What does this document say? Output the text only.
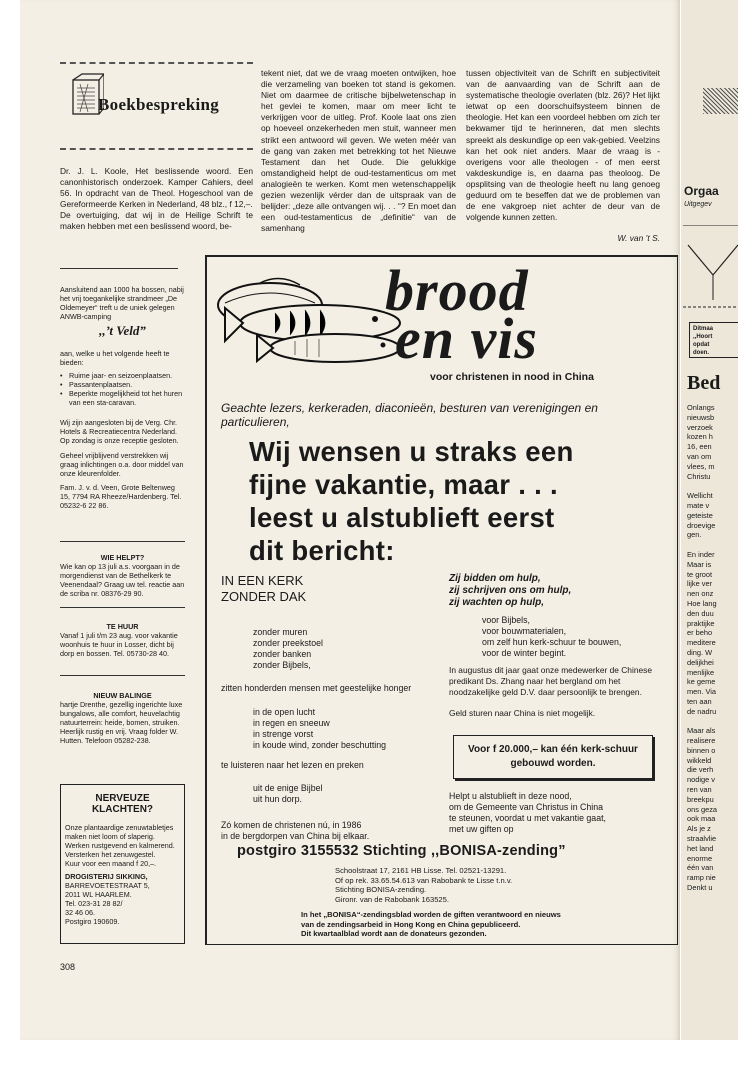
Boekbespreking

Dr. J. L. Koole, Het beslissende woord. Een canonhistorisch onderzoek. Kamper Cahiers, deel 56. In opdracht van de Theol. Hogeschool van de Gereformeerde Kerken in Nederland, 48 blz., f 12,–.

De overtuiging, dat wij in de Heilige Schrift te maken hebben met een beslissend woord, be-

tekent niet, dat we de vraag moeten ontwijken, hoe die verzameling van boeken tot stand is gekomen. Niet om daarmee de critische bijbelwetenschap in het gevlei te komen, maar om meer licht te verkrijgen voor de uitleg. Prof. Koole laat ons zien op hoeveel onzekerheden men stuit, wanneer men strikt een antwoord wil geven. We weten méér van de gang van zaken met betrekking tot het Nieuwe Testament dan het Oude. Die gelukkige omstandigheid helpt de oud-testamenticus om met analogieën te werken. Komt men wetenschappelijk gezien wezenlijk vérder dan de uitspraak van de belijder: „deze alle ontvangen wij. . . “? En moet dan een oud-testamenticus de „definitie“ van de samenhang
tussen objectiviteit van de Schrift en subjectiviteit van de aanvaarding van de Schrift aan de systematische theologie overlaten (blz. 26)? Het lijkt ietwat op een doorschuifsysteem binnen de theologie. Het kan een voordeel hebben om zich ter bekwamer tijd te herinneren, dat men slechts spreekt als deskundige op een vak-gebied. Veelzins kan het ook niet anders. Maar de vraag is - overigens voor alle theologen - of men eerst vakdeskundige is, en daarna pas theoloog. De opsplitsing van de theologie heeft nu lang genoeg geduurd om te beseffen dat we de problemen van de ene vakgroep niet achter de deur van de volgende kunnen zetten.
W. van ’t S.
Aansluitend aan 1000 ha bossen, nabij het vrij toegankelijke strandmeer „De Oldemeyer“ treft u de uniek gelegen ANWB-camping
,,’t Veld”
aan, welke u het volgende heeft te bieden:
• Ruime jaar- en seizoenplaatsen.
• Passantenplaatsen.
• Beperkte mogelijkheid tot het huren van een sta-caravan.
Wij zijn aangesloten bij de Verg. Chr. Hotels & Recreatiecentra Nederland. Op zondag is onze receptie gesloten.
Geheel vrijblijvend verstrekken wij graag inlichtingen o.a. door middel van onze kleurenfolder.
Fam. J. v. d. Veen, Grote Beltenweg 15, 7794 RA Rheeze/Hardenberg. Tel. 05232-6 22 86.
WIE HELPT?
Wie kan op 13 juli a.s. voorgaan in de morgendienst van de Bethelkerk te Veenendaal? Graag uw tel. reactie aan de scriba nr. 08376-29 90.
TE HUUR
Vanaf 1 juli t/m 23 aug. voor vakantie woonhuis te huur in Losser, dicht bij dorp en bossen. Tel. 05730-28 40.
NIEUW BALINGE
hartje Drenthe, gezellig ingerichte luxe bungalows, alle comfort, heuvelachtig natuurterrein: heide, bomen, struiken. Heerlijk rustig en vrij. Vraag folder W. Hutten. Telefoon 05282-238.
NERVEUZE KLACHTEN?
Onze plantaardige zenuwtabletjes maken niet loom of slaperig.
Werken rustgevend en kalmerend.
Versterken het zenuwgestel.
Kuur voor een maand f 20,–.
DROGISTERIJ SIKKING,
BARREVOETESTRAAT 5,
2011 WL HAARLEM.
Tel. 023-31 28 82/
32 46 06.
Postgiro 190609.
308
brood
en vis
voor christenen in nood in China
Geachte lezers, kerkeraden, diaconieën, besturen van verenigingen en particulieren,
Wij wensen u straks een
fijne vakantie, maar . . .
leest u alstublieft eerst
dit bericht:
IN EEN KERK
ZONDER DAK
zonder muren
zonder preekstoel
zonder banken
zonder Bijbels,
zitten honderden mensen met geestelijke honger
in de open lucht
in regen en sneeuw
in strenge vorst
in koude wind, zonder beschutting
te luisteren naar het lezen en preken
uit de enige Bijbel
uit hun dorp.
Zó komen de christenen nú, in 1986
in de bergdorpen van China bij elkaar.
Zij bidden om hulp,
zij schrijven ons om hulp,
zij wachten op hulp,
voor Bijbels,
voor bouwmaterialen,
om zelf hun kerk-schuur te bouwen,
voor de winter begint.
In augustus dit jaar gaat onze medewerker de Chinese predikant Ds. Zhang naar het bergland om het noodzakelijke geld D.V. daar persoonlijk te brengen.
Geld sturen naar China is niet mogelijk.
Voor f 20.000,– kan één kerk-schuur
gebouwd worden.
Helpt u alstublieft in deze nood,
om de Gemeente van Christus in China
te steunen, voordat u met vakantie gaat,
met uw giften op
postgiro 3155532 Stichting ,,BONISA-zending”
Schoolstraat 17, 2161 HB Lisse. Tel. 02521-13291.
Of op rek. 33.65.54.613 van Rabobank te Lisse t.n.v.
Stichting BONISA-zending.
Gironr. van de Rabobank 163525.
In het „BONISA“-zendingsblad worden de giften verantwoord en nieuws
van de zendingsarbeid in Hong Kong en China gepubliceerd.
Dit kwartaalblad wordt aan de donateurs gezonden.
Orgaa
Uitgegev
Ditmaa
,,Hoort
opdat
doen.
Bed
Onlangs
nieuwsb
verzoek
kozen h
16, een
van om
vlees, m
Christu
Wellicht
mate v
geteiste
droevige
gen.
En inder
Maar is
te groot
lijke ver
nen onz
Hoe lang
den duu
praktijke
er beho
meditere
ding. W
delijkhei
menlijke
ke geme
men. Via
ten aan
de nadru
Maar als
realisere
binnen o
wikkeld
die verh
nodige v
ren van
breekpu
ons geza
ook maa
Als je z
straalvlie
het land
enorme
één van
ramp nie
Denkt u
